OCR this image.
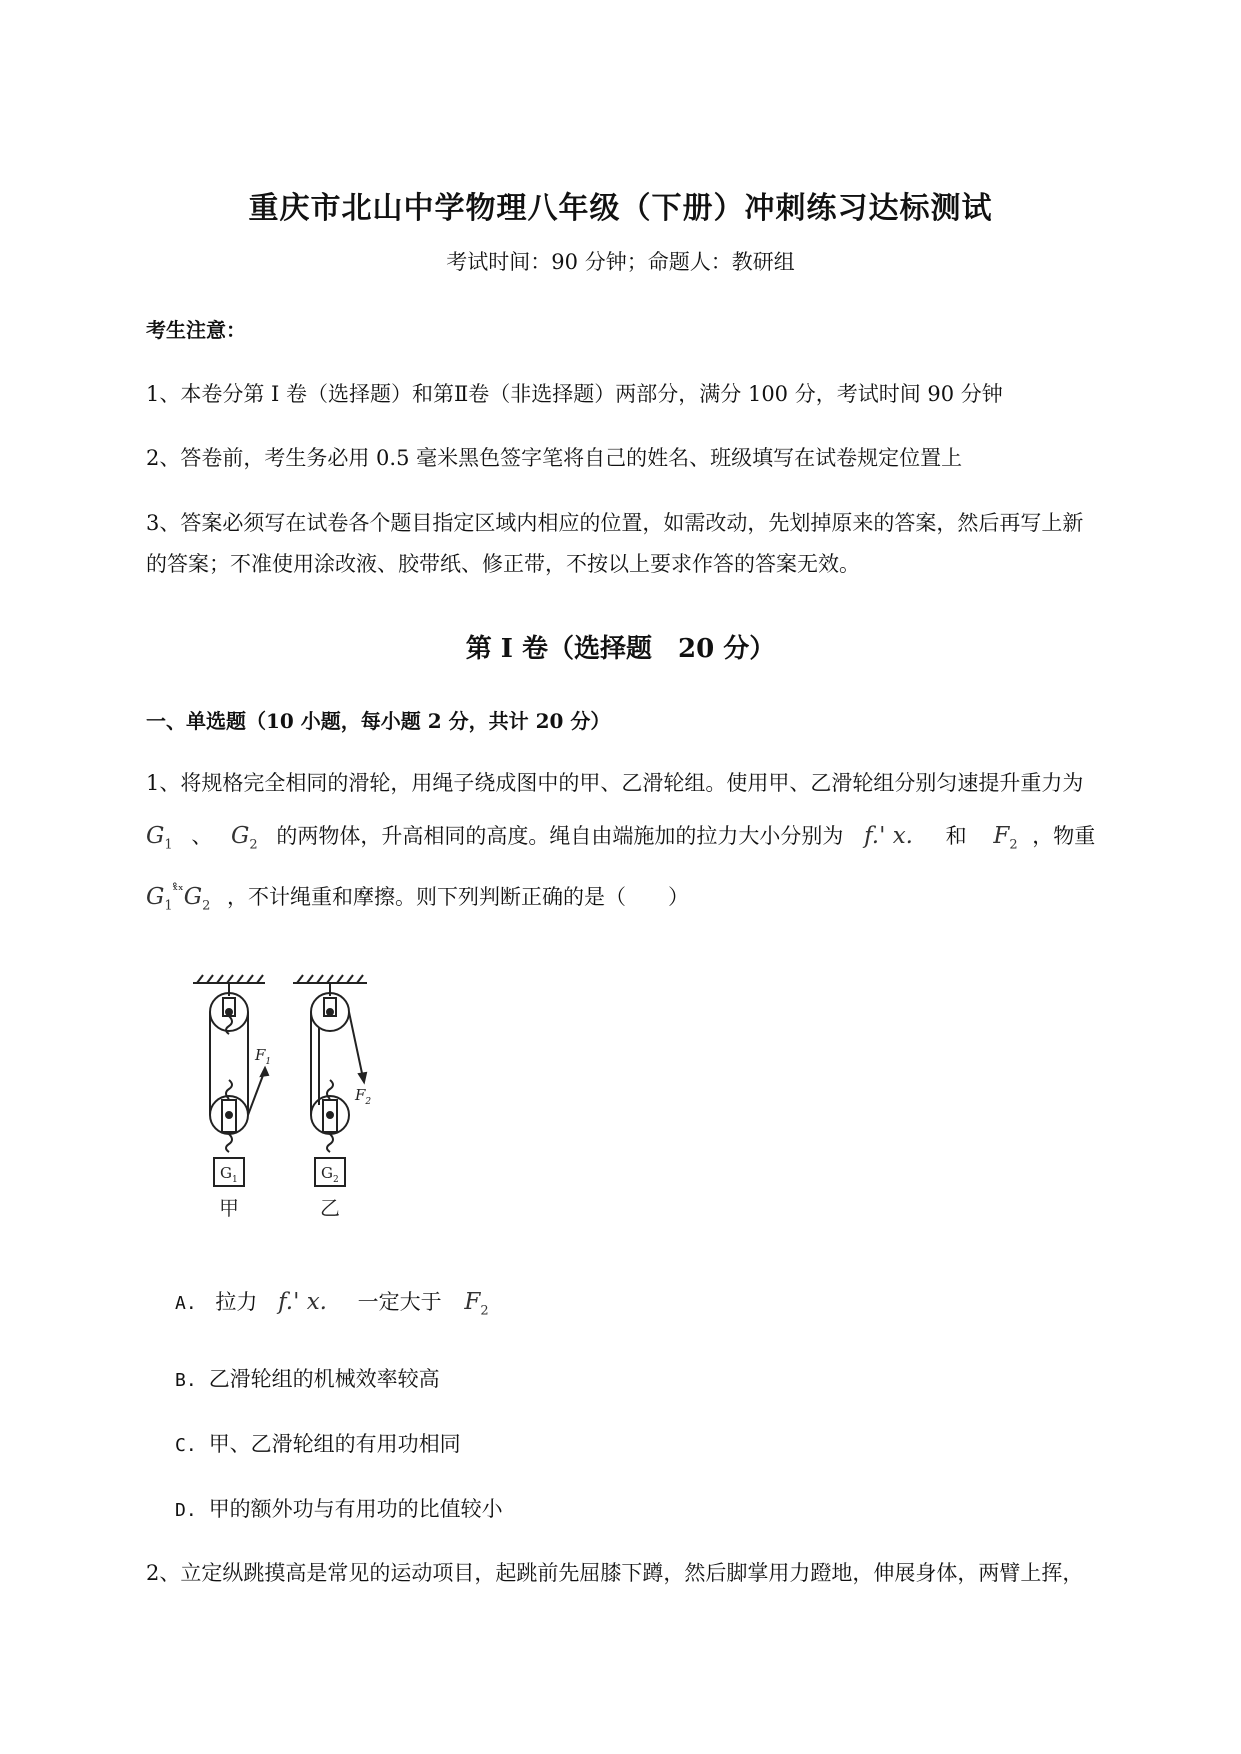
重庆市北山中学物理八年级（下册）冲刺练习达标测试
考试时间：90 分钟；命题人：教研组
考生注意：
1、本卷分第 I 卷（选择题）和第Ⅱ卷（非选择题）两部分，满分 100 分，考试时间 90 分钟
2、答卷前，考生务必用 0.5 毫米黑色签字笔将自己的姓名、班级填写在试卷规定位置上
3、答案必须写在试卷各个题目指定区域内相应的位置，如需改动，先划掉原来的答案，然后再写上新
的答案；不准使用涂改液、胶带纸、修正带，不按以上要求作答的答案无效。
第 I 卷（选择题　20 分）
一、单选题（10 小题，每小题 2 分，共计 20 分）
1、将规格完全相同的滑轮，用绳子绕成图中的甲、乙滑轮组。使用甲、乙滑轮组分别匀速提升重力为
$G_1$ 、 $G_2$ 的两物体，升高相同的高度。绳自由端施加的拉力大小分别为 f.' x. 和 $F_2$ ，物重
$G_1^{ˣ̊ˣ}G_2$ ，不计绳重和摩擦。则下列判断正确的是（　　）
$F_1$
$G_1$
甲
$F_2$
$G_2$
乙
A. 拉力 f.' x. 一定大于 $F_2$
B. 乙滑轮组的机械效率较高
C. 甲、乙滑轮组的有用功相同
D. 甲的额外功与有用功的比值较小
2、立定纵跳摸高是常见的运动项目，起跳前先屈膝下蹲，然后脚掌用力蹬地，伸展身体，两臂上挥，
